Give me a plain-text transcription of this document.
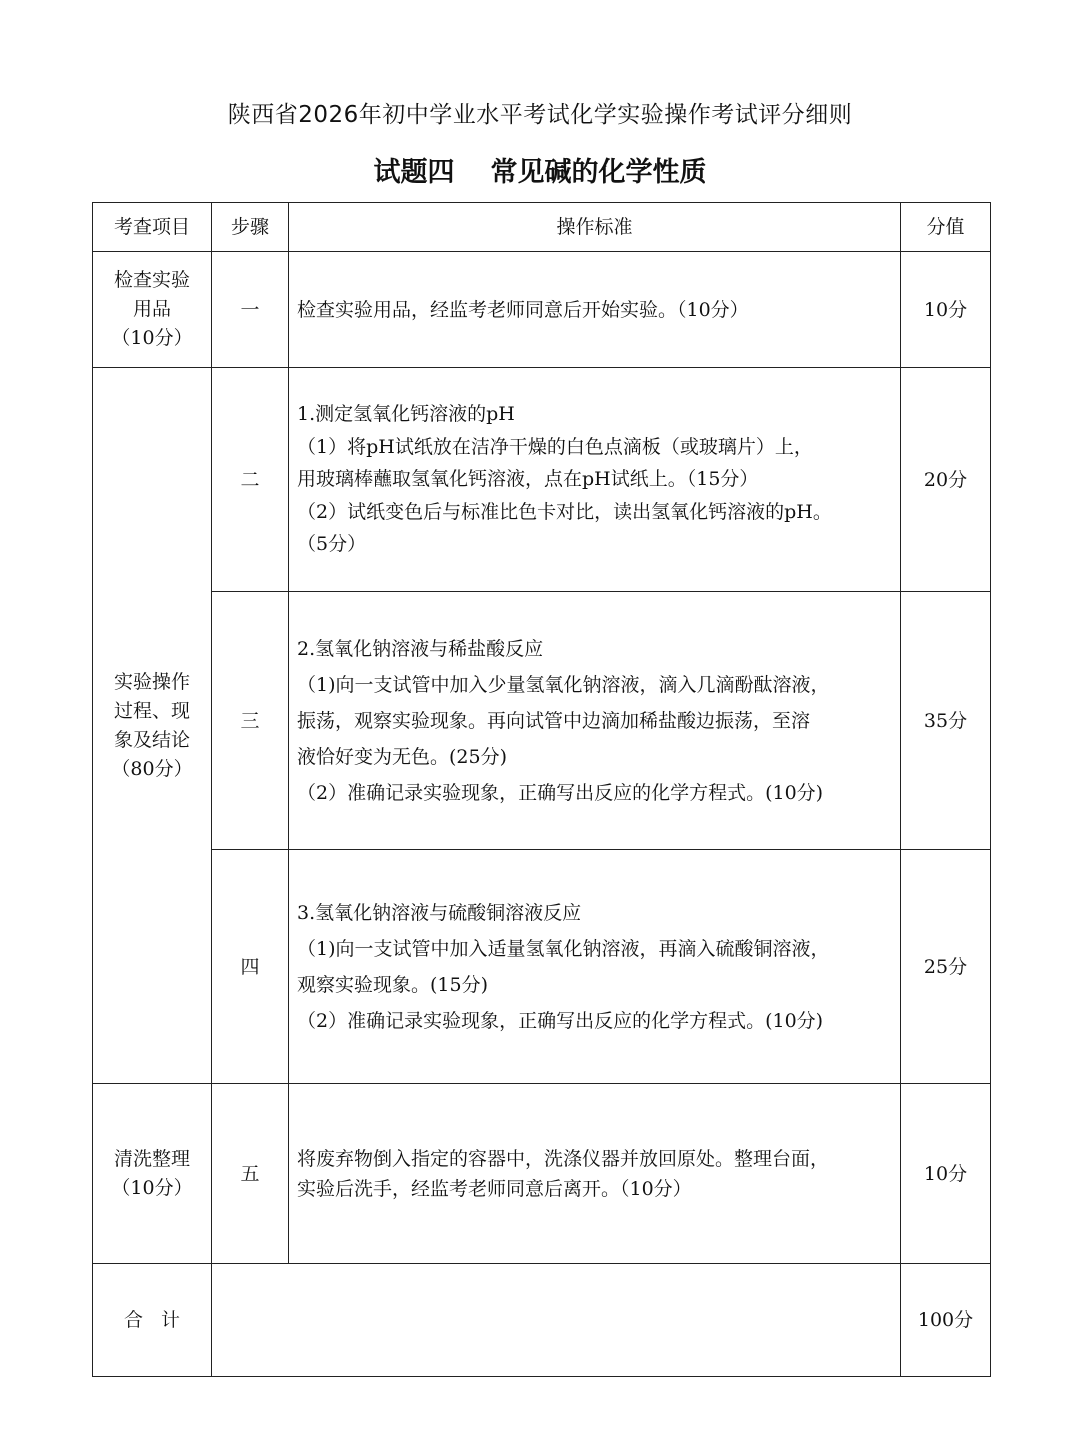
陕西省2026年初中学业水平考试化学实验操作考试评分细则
试题四 常见碱的化学性质
考查项目	步骤	操作标准	分值

检查实验
用品
（10分）	一	检查实验用品，经监考老师同意后开始实验。（10分）	10分

实验操作
过程、现
象及结论
（80分）	二	1.测定氢氧化钙溶液的pH
（1）将pH试纸放在洁净干燥的白色点滴板（或玻璃片）上，
用玻璃棒蘸取氢氧化钙溶液，点在pH试纸上。（15分）
（2）试纸变色后与标准比色卡对比，读出氢氧化钙溶液的pH。
（5分）	20分
	三	2.氢氧化钠溶液与稀盐酸反应
（1)向一支试管中加入少量氢氧化钠溶液，滴入几滴酚酞溶液，
振荡，观察实验现象。再向试管中边滴加稀盐酸边振荡，至溶
液恰好变为无色。(25分)
（2）准确记录实验现象，正确写出反应的化学方程式。(10分)	35分
	四	3.氢氧化钠溶液与硫酸铜溶液反应
（1)向一支试管中加入适量氢氧化钠溶液，再滴入硫酸铜溶液，
观察实验现象。(15分)
（2）准确记录实验现象，正确写出反应的化学方程式。(10分)	25分

清洗整理
（10分）	五	将废弃物倒入指定的容器中，洗涤仪器并放回原处。整理台面，
实验后洗手，经监考老师同意后离开。（10分）	10分
合计			100分
